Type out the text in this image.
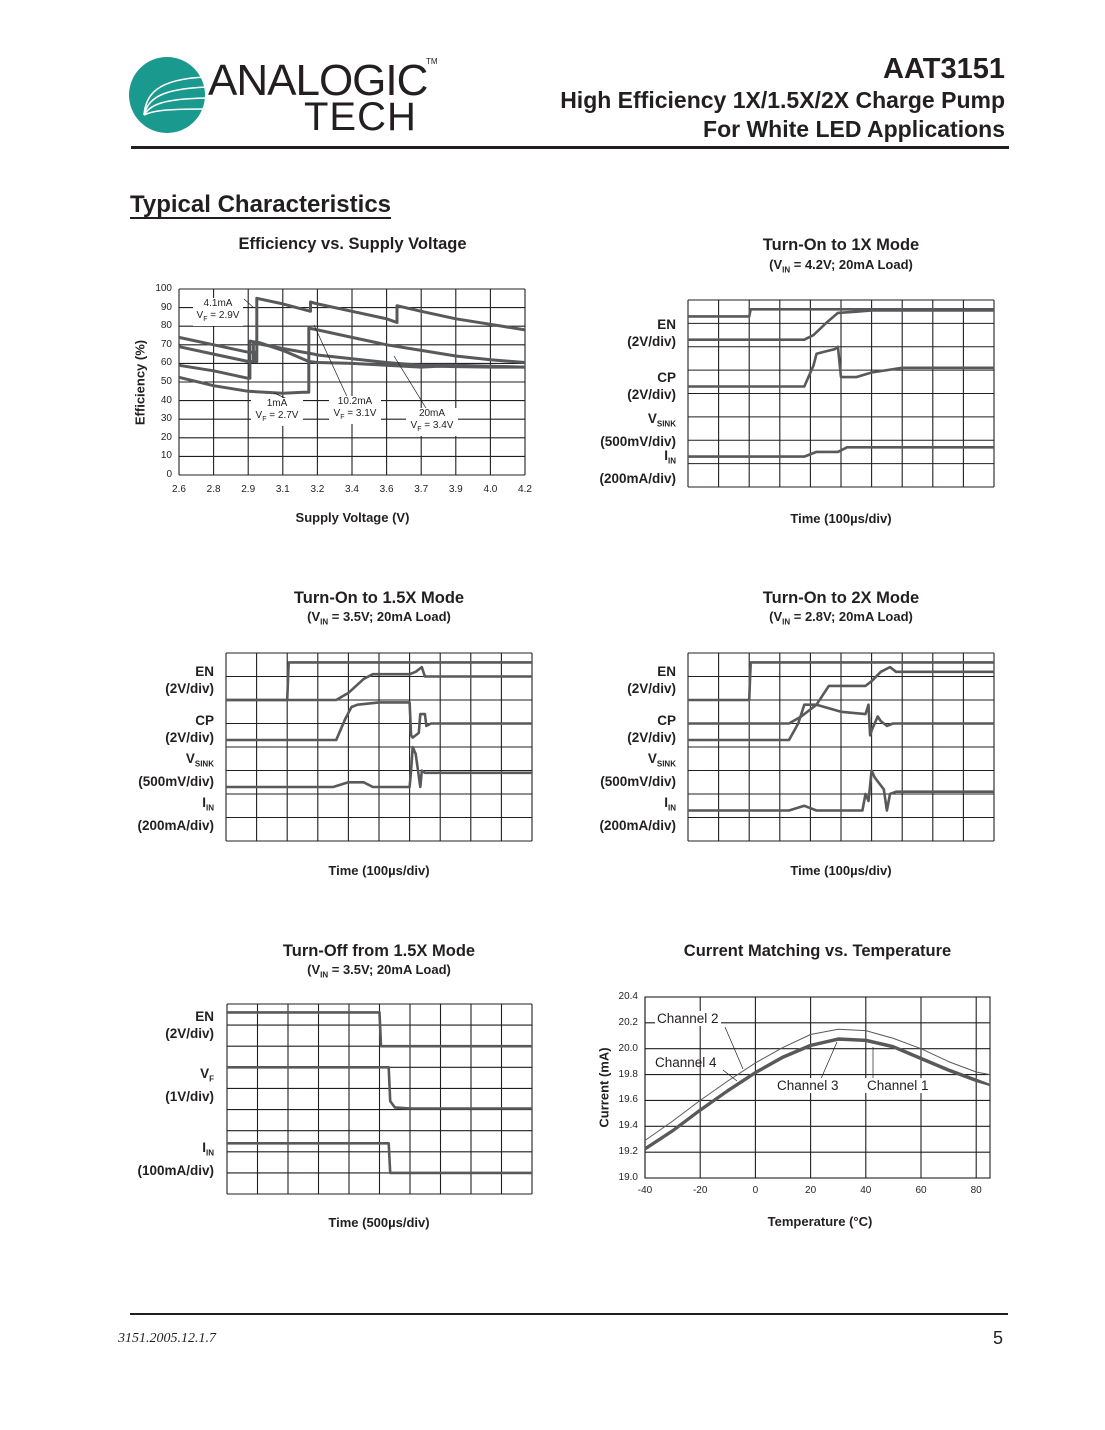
ANALOGIC
TM
TECH
AAT3151
High Efficiency 1X/1.5X/2X Charge Pump
For White LED Applications
Typical Characteristics
Efficiency vs. Supply Voltage
Efficiency (%)
Supply Voltage (V)
4.1mA
$V_F = 2.9V$
1mA
$V_F = 2.7V$
10.2mA
$V_F = 3.1V$	20mA
$V_F = 3.4V$
Turn-On to 1X Mode
($V_{IN} = 4.2V$; 20mA Load)
Time (100µs/div)
EN
(2V/div)
CP
(2V/div)
$V_{SINK}$
(500mV/div)
$I_{IN}$
(200mA/div)
Turn-On to 1.5X Mode
($V_{IN} = 3.5V$; 20mA Load)
Time (100µs/div)
EN
(2V/div)
CP
(2V/div)
$V_{SINK}$
(500mV/div)
$I_{IN}$
(200mA/div)
Turn-On to 2X Mode
($V_{IN} = 2.8V$; 20mA Load)
Time (100µs/div)
EN
(2V/div)
CP
(2V/div)
$V_{SINK}$
(500mV/div)
$I_{IN}$
(200mA/div)
Turn-Off from 1.5X Mode
($V_{IN} = 3.5V$; 20mA Load)
Time (500µs/div)
EN
(2V/div)
$V_F$
(1V/div)
$I_{IN}$
(100mA/div)
Current Matching vs. Temperature
Current (mA)
Temperature (°C)
Channel 2
Channel 4
Channel 3 Channel 1
3151.2005.12.1.7	5
0
10
20
30
40
50
60
70
80
90
100
2.6 2.8 2.9 3.1 3.2 3.4 3.6 3.7 3.9 4.0 4.2
19.0
19.2
19.4
19.6
19.8
20.0
20.2
20.4
-40	-20	0	20	40	60	80
